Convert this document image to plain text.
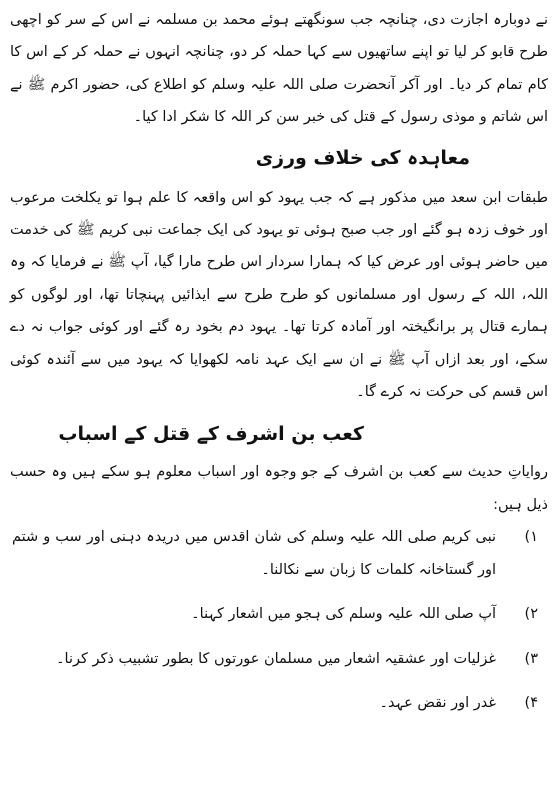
نے دوبارہ اجازت دی، چنانچہ جب سونگھتے ہوئے محمد بن مسلمہ نے اس کے سر کو اچھی طرح قابو کر لیا تو اپنے ساتھیوں سے کہا حملہ کر دو، چنانچہ انہوں نے حملہ کر کے اس کا کام تمام کر دیا۔ اور آکر آنحضرت صلی اللہ علیہ وسلم کو اطلاع کی، حضور اکرم ﷺ نے اس شاتم و موذی رسول کے قتل کی خبر سن کر اللہ کا شکر ادا کیا۔

معاہدہ کی خلاف ورزی

طبقات ابن سعد میں مذکور ہے کہ جب یہود کو اس واقعہ کا علم ہوا تو یکلخت مرعوب اور خوف زدہ ہو گئے اور جب صبح ہوئی تو یہود کی ایک جماعت نبی کریم ﷺ کی خدمت میں حاضر ہوئی اور عرض کیا کہ ہمارا سردار اس طرح مارا گیا، آپ ﷺ نے فرمایا کہ وہ اللہ، اللہ کے رسول اور مسلمانوں کو طرح طرح سے ایذائیں پہنچاتا تھا، اور لوگوں کو ہمارے قتال پر برانگیختہ اور آمادہ کرتا تھا۔ یہود دم بخود رہ گئے اور کوئی جواب نہ دے سکے، اور بعد ازاں آپ ﷺ نے ان سے ایک عہد نامہ لکھوایا کہ یہود میں سے آئندہ کوئی اس قسم کی حرکت نہ کرے گا۔

کعب بن اشرف کے قتل کے اسباب

روایاتِ حدیث سے کعب بن اشرف کے جو وجوہ اور اسباب معلوم ہو سکے ہیں وہ حسب ذیل ہیں:

۱)
نبی کریم صلی اللہ علیہ وسلم کی شان اقدس میں دریدہ دہنی اور سب و شتم اور گستاخانہ کلمات کا زبان سے نکالنا۔
۲)
آپ صلی اللہ علیہ وسلم کی ہجو میں اشعار کہنا۔
۳)
غزلیات اور عشقیہ اشعار میں مسلمان عورتوں کا بطور تشبیب ذکر کرنا۔
۴)
غدر اور نقض عہد۔
